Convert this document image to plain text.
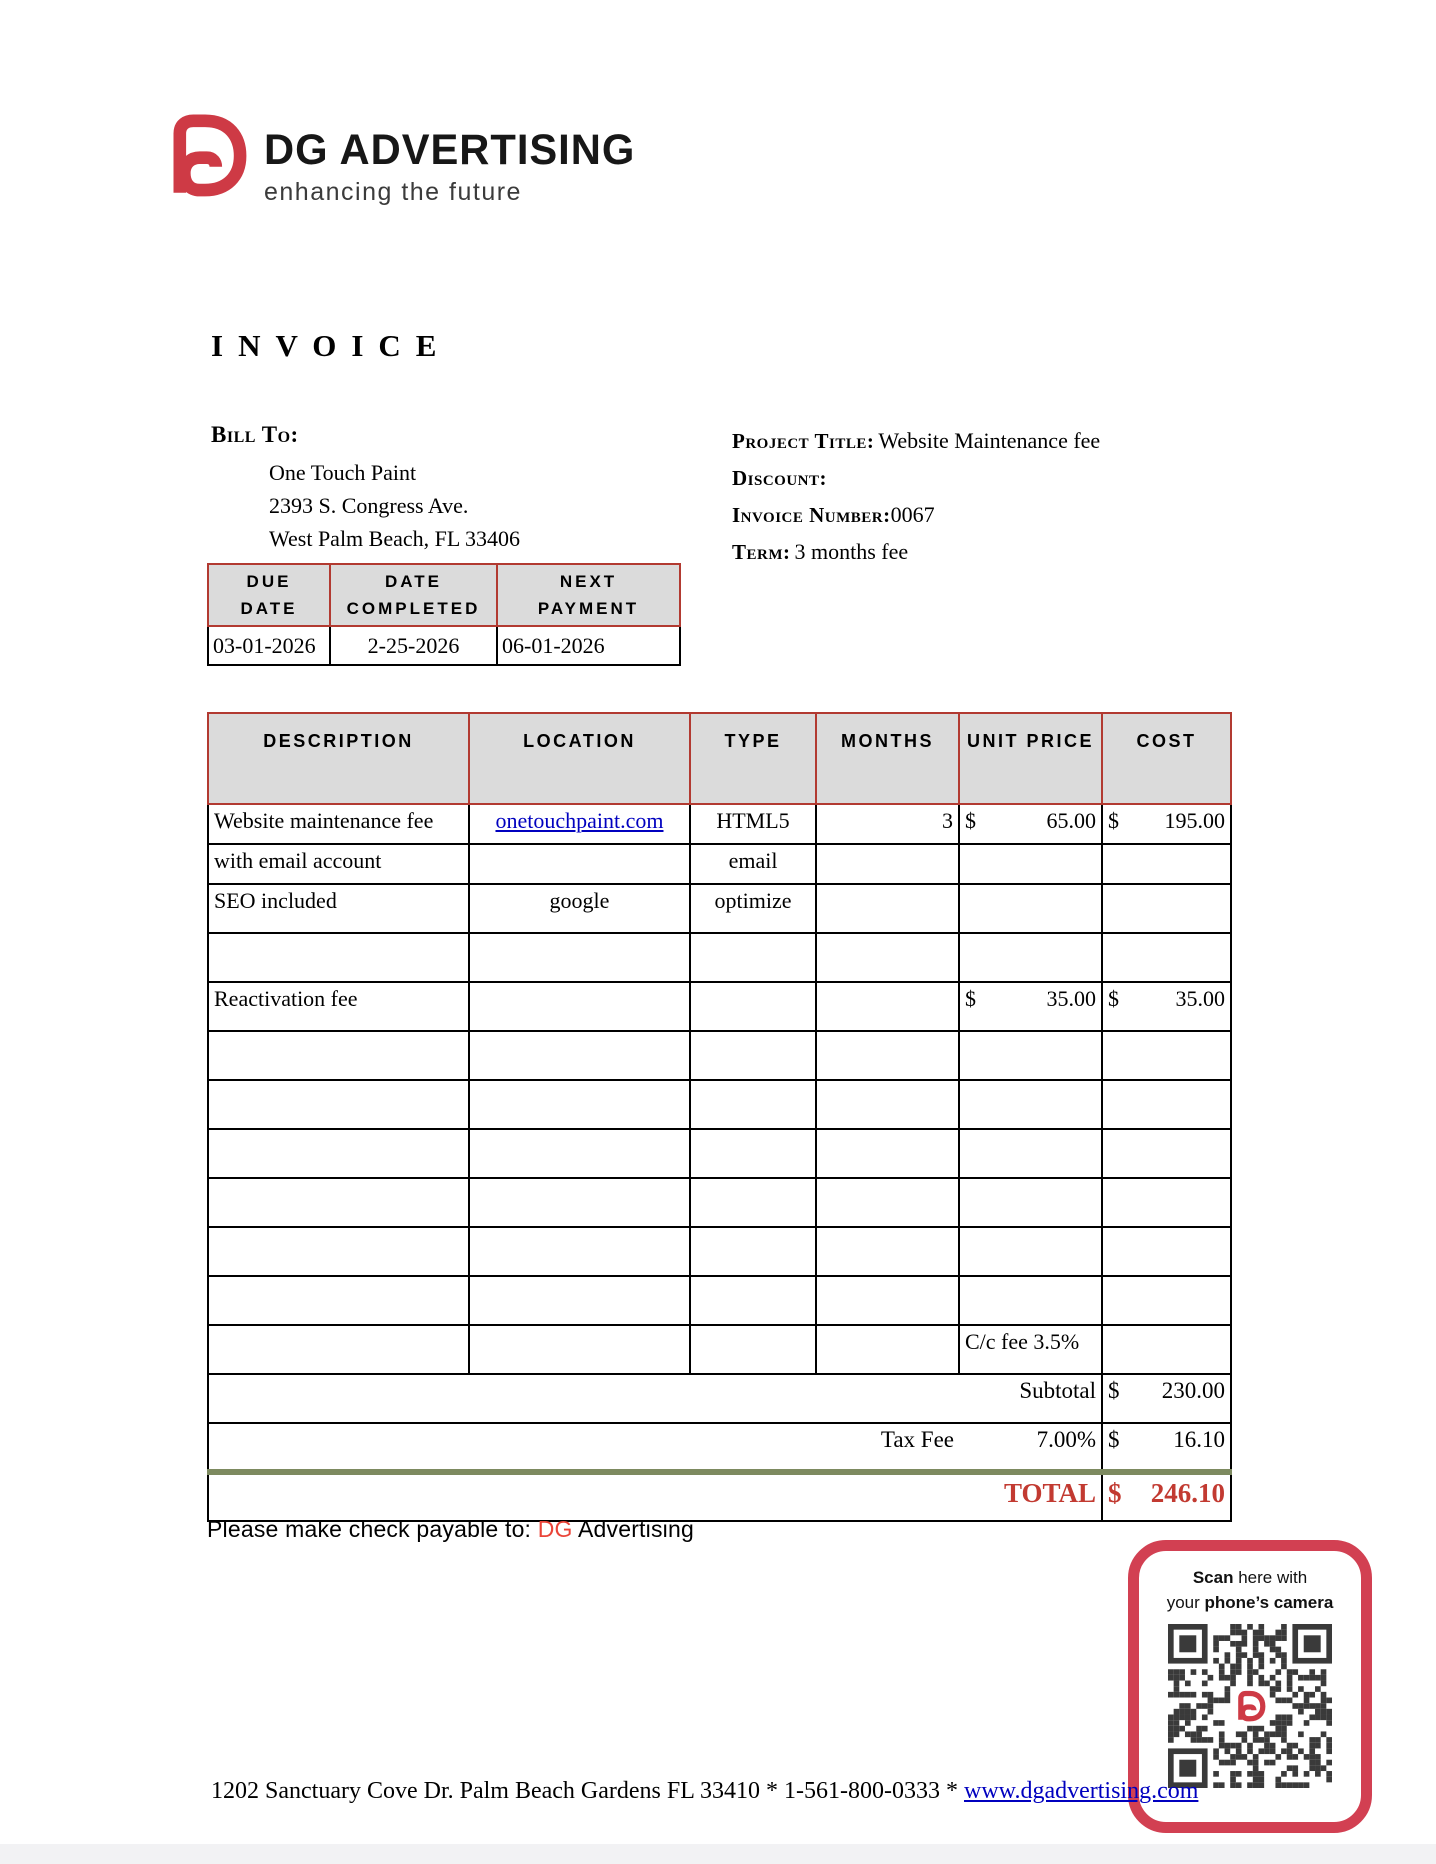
DG ADVERTISING
enhancing the future
INVOICE
Bill To:
One Touch Paint
2393 S. Congress Ave.
West Palm Beach, FL 33406
Project Title: Website Maintenance fee
Discount:
Invoice Number:0067
Term: 3 months fee
DUE DATE	DATE COMPLETED	NEXT PAYMENT
03-01-2026	2-25-2026	06-01-2026
DESCRIPTION	LOCATION	TYPE	MONTHS	UNIT PRICE	COST
Website maintenance fee	onetouchpaint.com	HTML5	3	$ 65.00	$ 195.00

with email account		email			
SEO included	google	optimize			

Reactivation fee				$ 35.00	$ 35.00

				C/c fee 3.5%	
Subtotal					$ 230.00

Tax Fee				7.00%	$ 16.10

TOTAL					$ 246.10
Please make check payable to: DG Advertising
Scan here with
your phone’s camera
1202 Sanctuary Cove Dr. Palm Beach Gardens FL 33410 * 1-561-800-0333 * www.dgadvertising.com
